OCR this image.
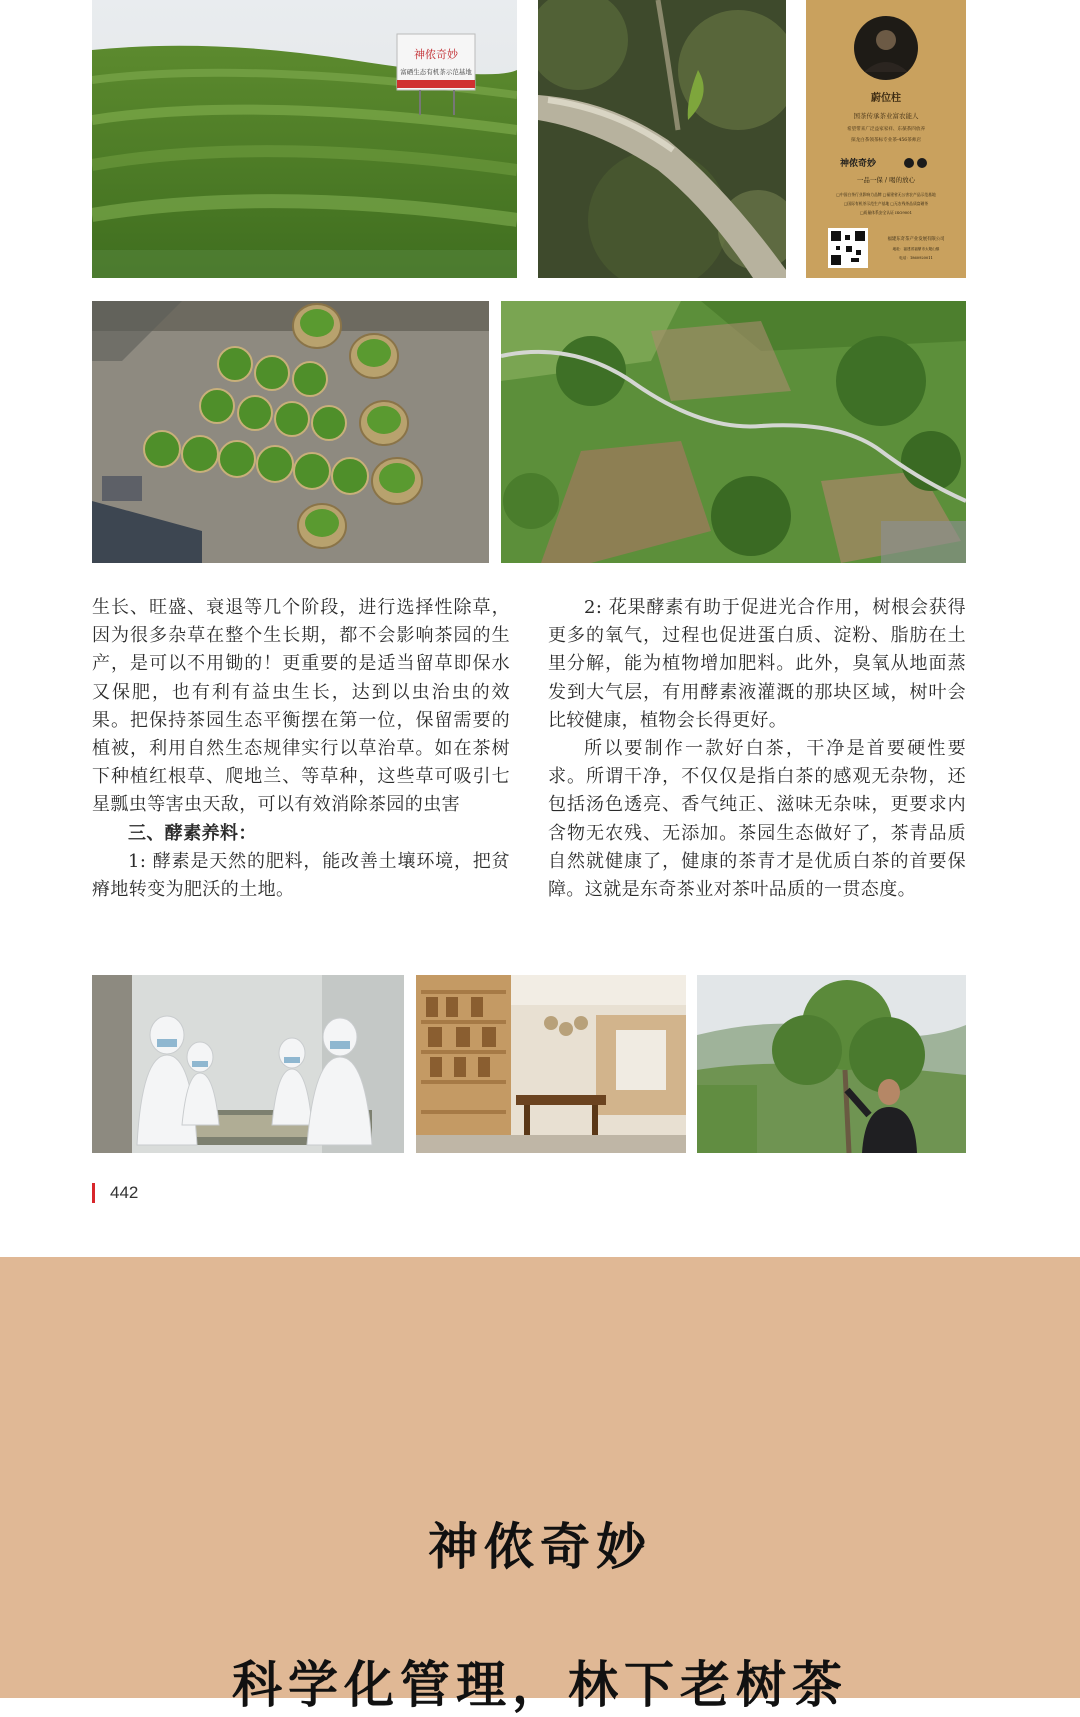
神侬奇妙
富硒生态有机茶示范基地
蔚位柱
国茶传承茶业富农能人
希望带来广泛益家家祥、东葆茶四放养
探龙白茶领茶标专业茶-456茶师店
神侬奇妙
一品一保 / 喝的放心
□中国白茶行业影响力品牌 □福建省无公害农产品示范基地
□国际有机茶示范生产基地 □无农残茶品质富硒茶
□质量体系安全认证 ISO9001
福建东奇茶产业发展有限公司
地址：福建省福鼎市太姥山镇
电话：1860920011

生长、旺盛、衰退等几个阶段，进行选择性除草，因为很多杂草在整个生长期，都不会影响茶园的生产，是可以不用锄的！更重要的是适当留草即保水又保肥，也有利有益虫生长，达到以虫治虫的效果。把保持茶园生态平衡摆在第一位，保留需要的植被，利用自然生态规律实行以草治草。如在茶树下种植红根草、爬地兰、等草种，这些草可吸引七星瓢虫等害虫天敌，可以有效消除茶园的虫害

三、酵素养料：

1: 酵素是天然的肥料，能改善土壤环境，把贫瘠地转变为肥沃的土地。

2: 花果酵素有助于促进光合作用，树根会获得更多的氧气，过程也促进蛋白质、淀粉、脂肪在土里分解，能为植物增加肥料。此外，臭氧从地面蒸发到大气层，有用酵素液灌溉的那块区域，树叶会比较健康，植物会长得更好。

所以要制作一款好白茶，干净是首要硬性要求。所谓干净，不仅仅是指白茶的感观无杂物，还包括汤色透亮、香气纯正、滋味无杂味，更要求内含物无农残、无添加。茶园生态做好了，茶青品质自然就健康了，健康的茶青才是优质白茶的首要保障。这就是东奇茶业对茶叶品质的一贯态度。

442
神侬奇妙
科学化管理，林下老树茶
